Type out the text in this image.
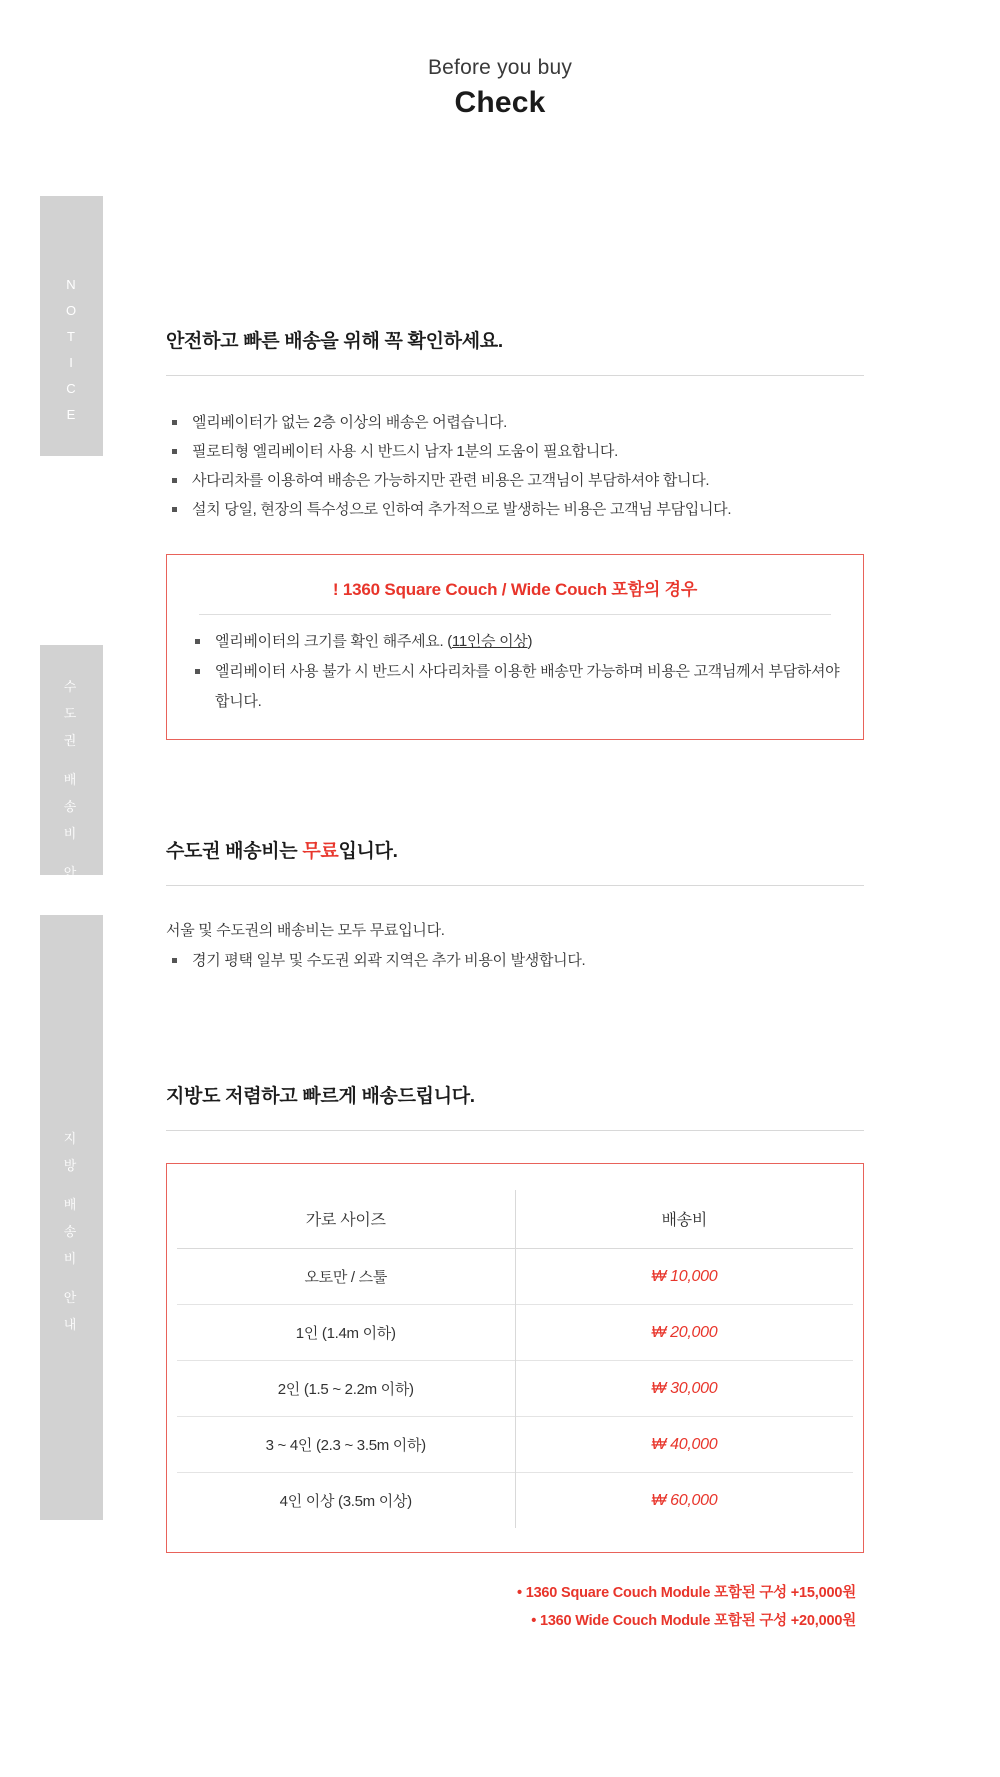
Before you buy
Check
N
O
T
I
C
E
수
도
권
배
송
비
안
내
지
방
배
송
비
안
내
안전하고 빠른 배송을 위해 꼭 확인하세요.
엘리베이터가 없는 2층 이상의 배송은 어렵습니다.
필로티형 엘리베이터 사용 시 반드시 남자 1분의 도움이 필요합니다.
사다리차를 이용하여 배송은 가능하지만 관련 비용은 고객님이 부담하셔야 합니다.
설치 당일, 현장의 특수성으로 인하여 추가적으로 발생하는 비용은 고객님 부담입니다.
! 1360 Square Couch / Wide Couch 포함의 경우
엘리베이터의 크기를 확인 해주세요. (11인승 이상)
엘리베이터 사용 불가 시 반드시 사다리차를 이용한 배송만 가능하며 비용은 고객님께서 부담하셔야 합니다.
수도권 배송비는 무료입니다.
서울 및 수도권의 배송비는 모두 무료입니다.
경기 평택 일부 및 수도권 외곽 지역은 추가 비용이 발생합니다.
지방도 저렴하고 빠르게 배송드립니다.
가로 사이즈	배송비
오토만 / 스툴	₩ 10,000
1인 (1.4m 이하)	₩ 20,000
2인 (1.5 ~ 2.2m 이하)	₩ 30,000
3 ~ 4인 (2.3 ~ 3.5m 이하)	₩ 40,000
4인 이상 (3.5m 이상)	₩ 60,000
• 1360 Square Couch Module 포함된 구성 +15,000원
• 1360 Wide Couch Module 포함된 구성 +20,000원
